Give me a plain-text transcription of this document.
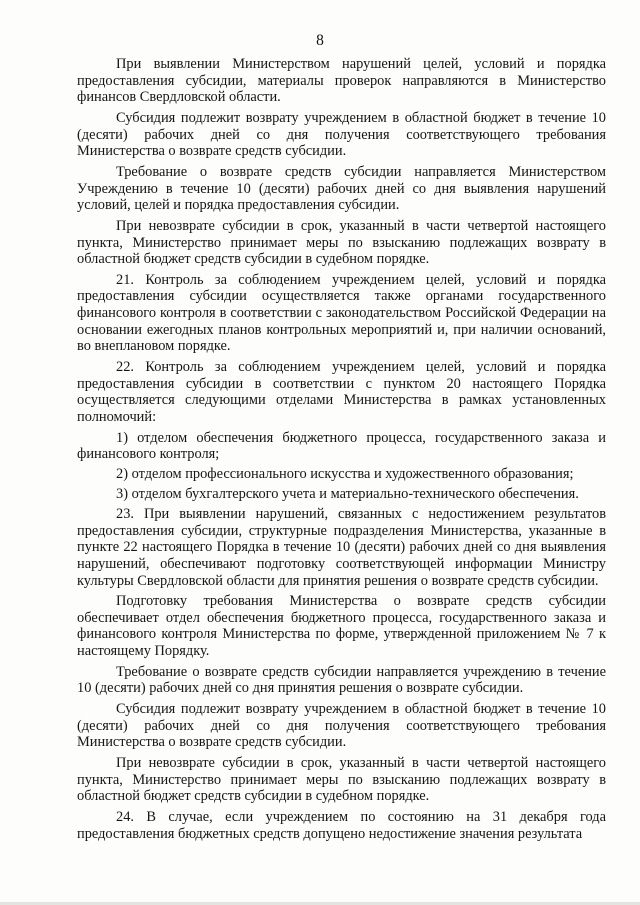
8

При выявлении Министерством нарушений целей, условий и порядка предоставления субсидии, материалы проверок направляются в Министерство финансов Свердловской области.

Субсидия подлежит возврату учреждением в областной бюджет в течение 10 (десяти) рабочих дней со дня получения соответствующего требования Министерства о возврате средств субсидии.

Требование о возврате средств субсидии направляется Министерством Учреждению в течение 10 (десяти) рабочих дней со дня выявления нарушений условий, целей и порядка предоставления субсидии.

При невозврате субсидии в срок, указанный в части четвертой настоящего пункта, Министерство принимает меры по взысканию подлежащих возврату в областной бюджет средств субсидии в судебном порядке.

21. Контроль за соблюдением учреждением целей, условий и порядка предоставления субсидии осуществляется также органами государственного финансового контроля в соответствии с законодательством Российской Федерации на основании ежегодных планов контрольных мероприятий и, при наличии оснований, во внеплановом порядке.

22. Контроль за соблюдением учреждением целей, условий и порядка предоставления субсидии в соответствии с пунктом 20 настоящего Порядка осуществляется следующими отделами Министерства в рамках установленных полномочий:

1) отделом обеспечения бюджетного процесса, государственного заказа и финансового контроля;

2) отделом профессионального искусства и художественного образования;

3) отделом бухгалтерского учета и материально-технического обеспечения.

23. При выявлении нарушений, связанных с недостижением результатов предоставления субсидии, структурные подразделения Министерства, указанные в пункте 22 настоящего Порядка в течение 10 (десяти) рабочих дней со дня выявления нарушений, обеспечивают подготовку соответствующей информации Министру культуры Свердловской области для принятия решения о возврате средств субсидии.

Подготовку требования Министерства о возврате средств субсидии обеспечивает отдел обеспечения бюджетного процесса, государственного заказа и финансового контроля Министерства по форме, утвержденной приложением № 7 к настоящему Порядку.

Требование о возврате средств субсидии направляется учреждению в течение 10 (десяти) рабочих дней со дня принятия решения о возврате субсидии.

Субсидия подлежит возврату учреждением в областной бюджет в течение 10 (десяти) рабочих дней со дня получения соответствующего требования Министерства о возврате средств субсидии.

При невозврате субсидии в срок, указанный в части четвертой настоящего пункта, Министерство принимает меры по взысканию подлежащих возврату в областной бюджет средств субсидии в судебном порядке.

24. В случае, если учреждением по состоянию на 31 декабря года предоставления бюджетных средств допущено недостижение значения результата
